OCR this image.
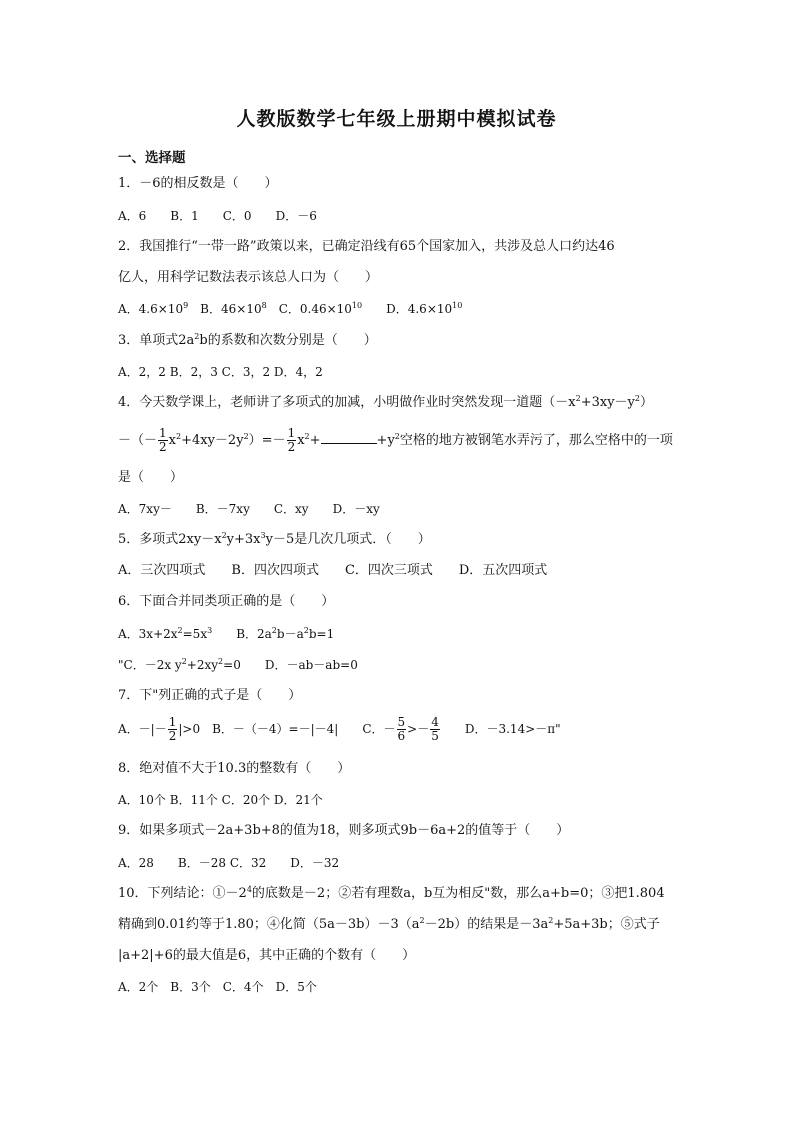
人教版数学七年级上册期中模拟试卷
一、选择题
1．－6的相反数是（　　）
A．6　　B．1　　C．0　　D．－6
2．我国推行“一带一路”政策以来，已确定沿线有65个国家加入，共涉及总人口约达46
亿人，用科学记数法表示该总人口为（　　）
A．$4.6\times 10^9$　B．$46\times 10^8$　C．$0.46\times 10^{10}$　　D．$4.6\times 10^{10}$
3．单项式$2a^2b$的系数和次数分别是（　　）
A．2，2 B．2，3 C．3，2 D．4，2
4．今天数学课上，老师讲了多项式的加减，小明做作业时突然发现一道题$(-x^2+3xy-y^2)$
－（－ $\frac{1}{2} x^2+4xy-2y^2)=- \frac{1}{2} x^2+$	$+y^2$空格的地方被钢笔水弄污了，那么空格中的一项
是（　　）
A．7xy－　　B．－7xy　　C．xy　　D．－xy
5．多项式$2xy-x^2y+3x^3y-5$是几次几项式．（　　）
A．三次四项式　　B．四次四项式　　C．四次三项式　　D．五次四项式
6．下面合并同类项正确的是（　　）
A．$3x+2x^2=5x^3$　　B．$2a^2b-a^2b=1$
"C．－2x $y^2+2xy^2=0$　　D．－ab－ab=0
7．下"列正确的式子是（　　）
A．－|－ $\frac{1}{2} |>0$　B．－（－4）=－|－4|　　C．－ $\frac{5}{6} >- \frac{4}{5}$ 　　D．－3.14>－π"
8．绝对值不大于10.3的整数有（　　）
A．10个 B．11个 C．20个 D．21个
9．如果多项式－2a+3b+8的值为18，则多项式9b－6a+2的值等于（　　）
A．28　　B．－28 C．32　　D．－32
10．下列结论：$①-2^4$的底数是－2；②若有理数a，b互为相反"数，那么a+b=0；③把1.804
精确到0.01约等于1.80；④化简$(5a-3b)-3(a^2-2b)$的结果是$-3a^2+5a+3b$；⑤式子
|a+2|+6的最大值是6，其中正确的个数有（　　）
A．2个　B．3个　C．4个　D．5个
